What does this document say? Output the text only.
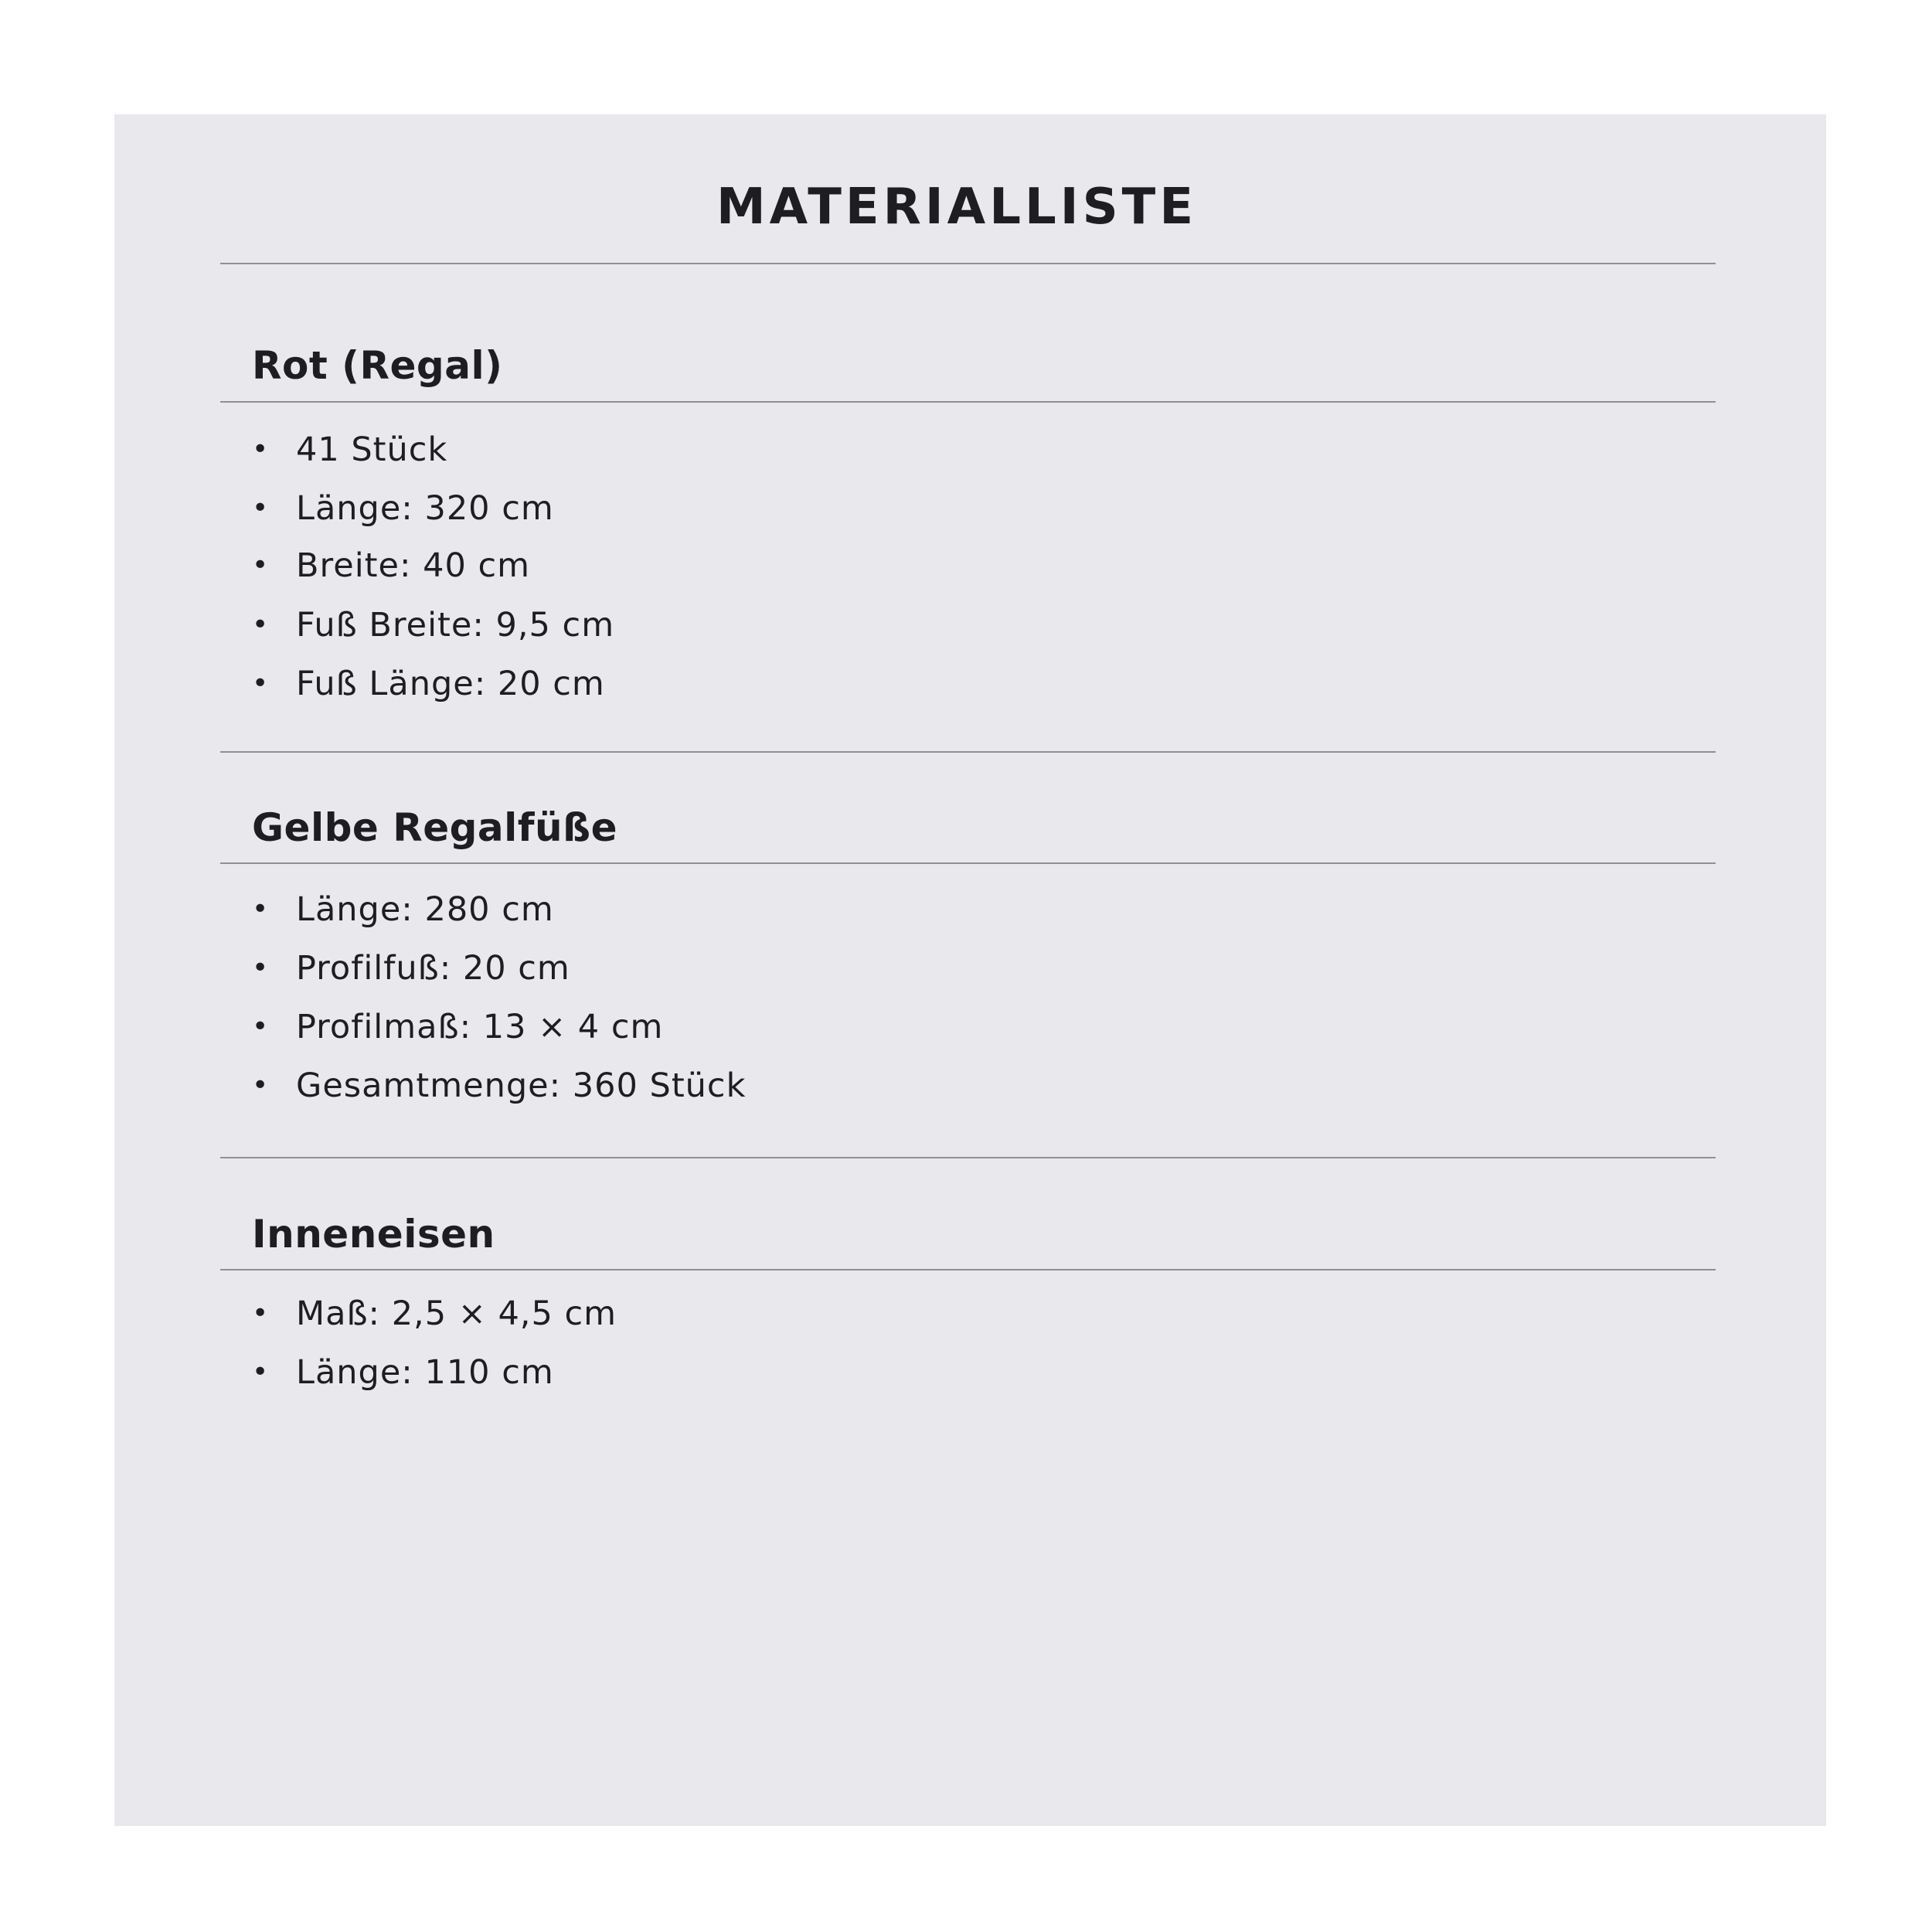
MATERIALLISTE
Rot (Regal)
• 41 Stück
• Länge: 320 cm
• Breite: 40 cm
• Fuß Breite: 9,5 cm
• Fuß Länge: 20 cm
Gelbe Regalfüße
• Länge: 280 cm
• Profilfuß: 20 cm
• Profilmaß: 13 × 4 cm
• Gesamtmenge: 360 Stück
Inneneisen
• Maß: 2,5 × 4,5 cm
• Länge: 110 cm
